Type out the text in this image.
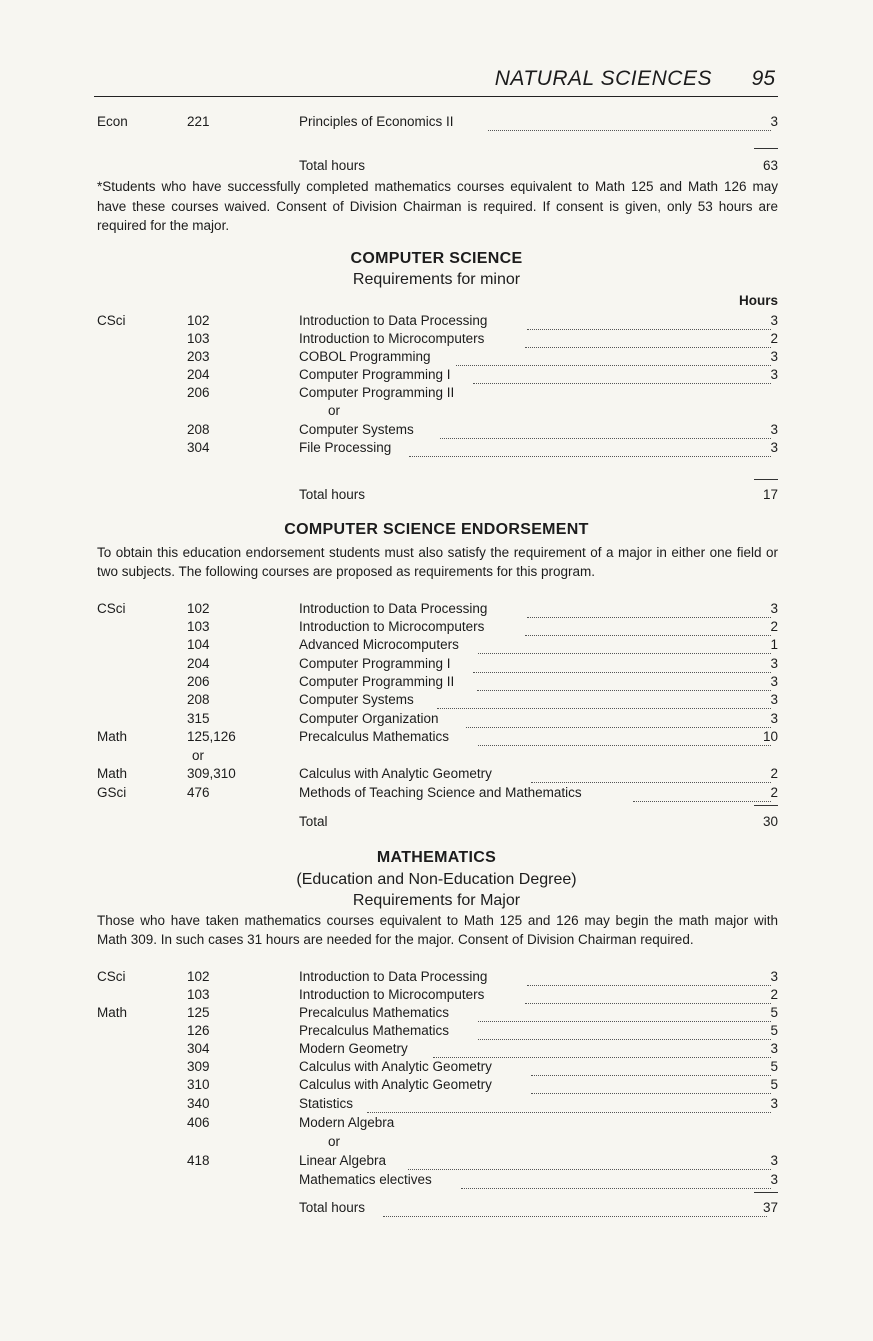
NATURAL SCIENCES	95
Econ	221	Principles of Economics II	3
Total hours	63
*Students who have successfully completed mathematics courses equivalent to Math 125 and Math 126 may have these courses waived. Consent of Division Chairman is required. If consent is given, only 53 hours are required for the major.
COMPUTER SCIENCE
Requirements for minor
Hours
CSci	102	Introduction to Data Processing	3
103	Introduction to Microcomputers	2
203	COBOL Programming	3
204	Computer Programming I	3
206	Computer Programming II
or
208	Computer Systems	3
304	File Processing	3
Total hours	17
COMPUTER SCIENCE ENDORSEMENT
To obtain this education endorsement students must also satisfy the requirement of a major in either one field or two subjects. The following courses are proposed as requirements for this program.
CSci	102	Introduction to Data Processing	3
103	Introduction to Microcomputers	2
104	Advanced Microcomputers	1
204	Computer Programming I	3
206	Computer Programming II	3
208	Computer Systems	3
315	Computer Organization	3
Math	125,126	Precalculus Mathematics	10
or
Math	309,310	Calculus with Analytic Geometry	2
GSci	476	Methods of Teaching Science and Mathematics	2
Total	30
MATHEMATICS
(Education and Non-Education Degree)
Requirements for Major
Those who have taken mathematics courses equivalent to Math 125 and 126 may begin the math major with Math 309. In such cases 31 hours are needed for the major. Consent of Division Chairman required.
CSci	102	Introduction to Data Processing	3
103	Introduction to Microcomputers	2
Math	125	Precalculus Mathematics	5
126	Precalculus Mathematics	5
304	Modern Geometry	3
309	Calculus with Analytic Geometry	5
310	Calculus with Analytic Geometry	5
340	Statistics	3
406	Modern Algebra
or
418	Linear Algebra	3
Mathematics electives	3
Total hours	37
